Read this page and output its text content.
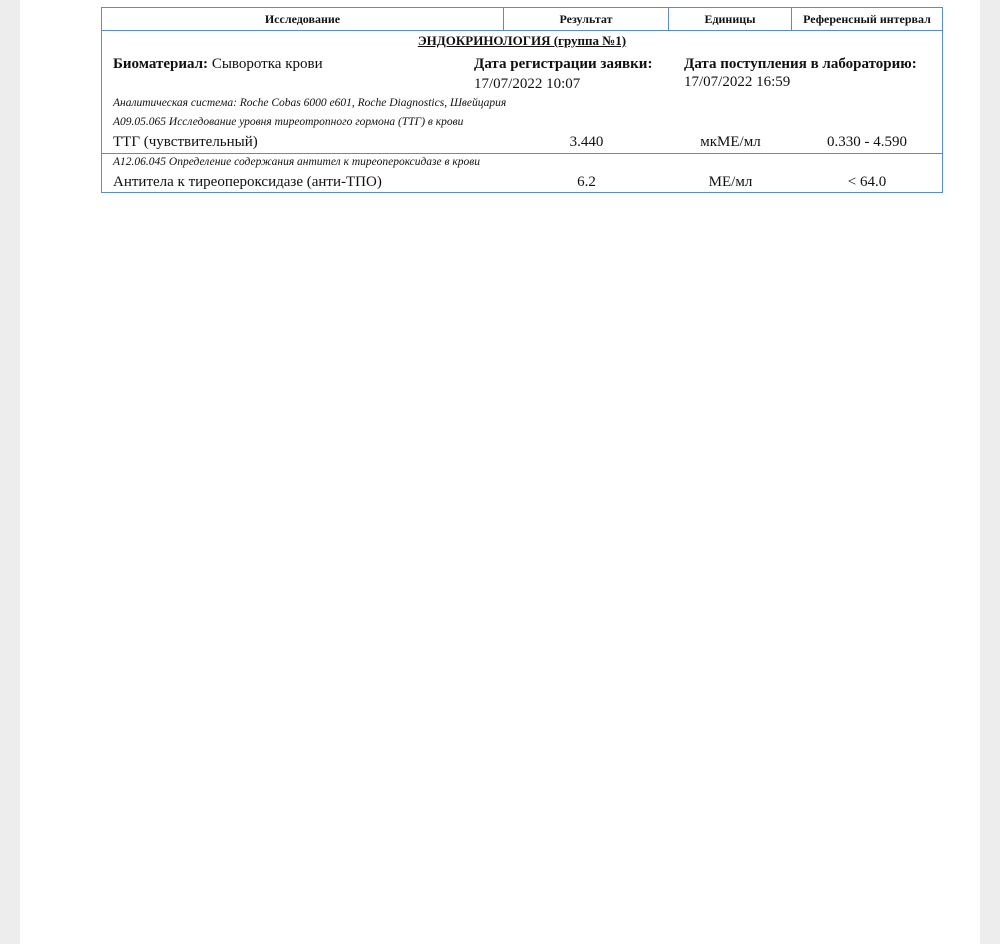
Исследование	Результат	Единицы	Референсный интервал
ЭНДОКРИНОЛОГИЯ (группа №1)
Биоматериал: Сыворотка крови	Дата регистрации заявки:
17/07/2022 10:07
Дата поступления в лабораторию:
17/07/2022 16:59
Аналитическая система: Roche Cobas 6000 e601, Roche Diagnostics, Швейцария
A09.05.065 Исследование уровня тиреотропного гормона (ТТГ) в крови
ТТГ (чувствительный)	3.440	мкМЕ/мл	0.330 - 4.590
A12.06.045 Определение содержания антител к тиреопероксидазе в крови
Антитела к тиреопероксидазе (анти-ТПО)	6.2	МЕ/мл	< 64.0
